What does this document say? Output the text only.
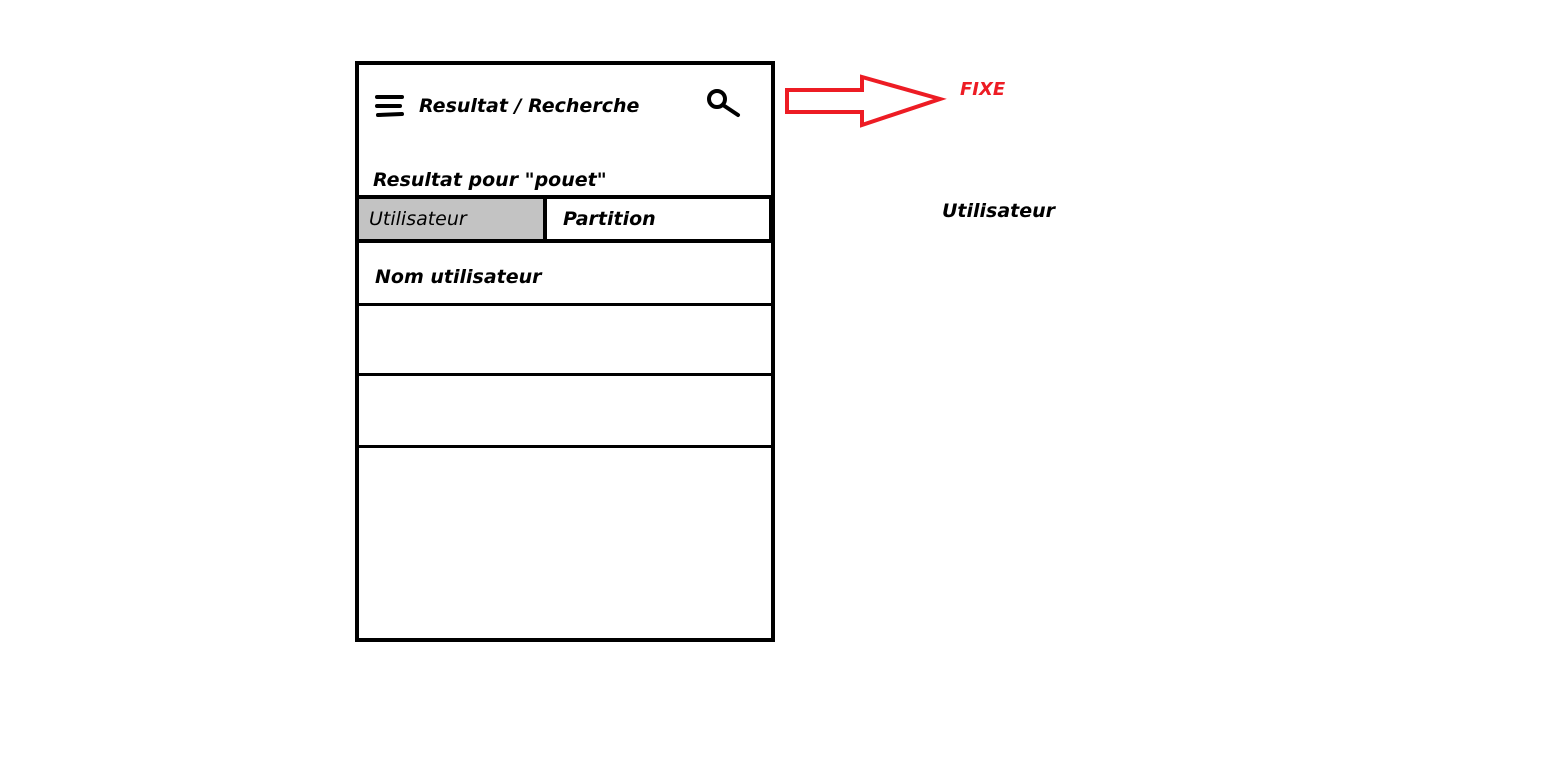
Resultat / Recherche
Resultat pour "pouet"
Utilisateur	Partition
Nom utilisateur
FIXE
Utilisateur
